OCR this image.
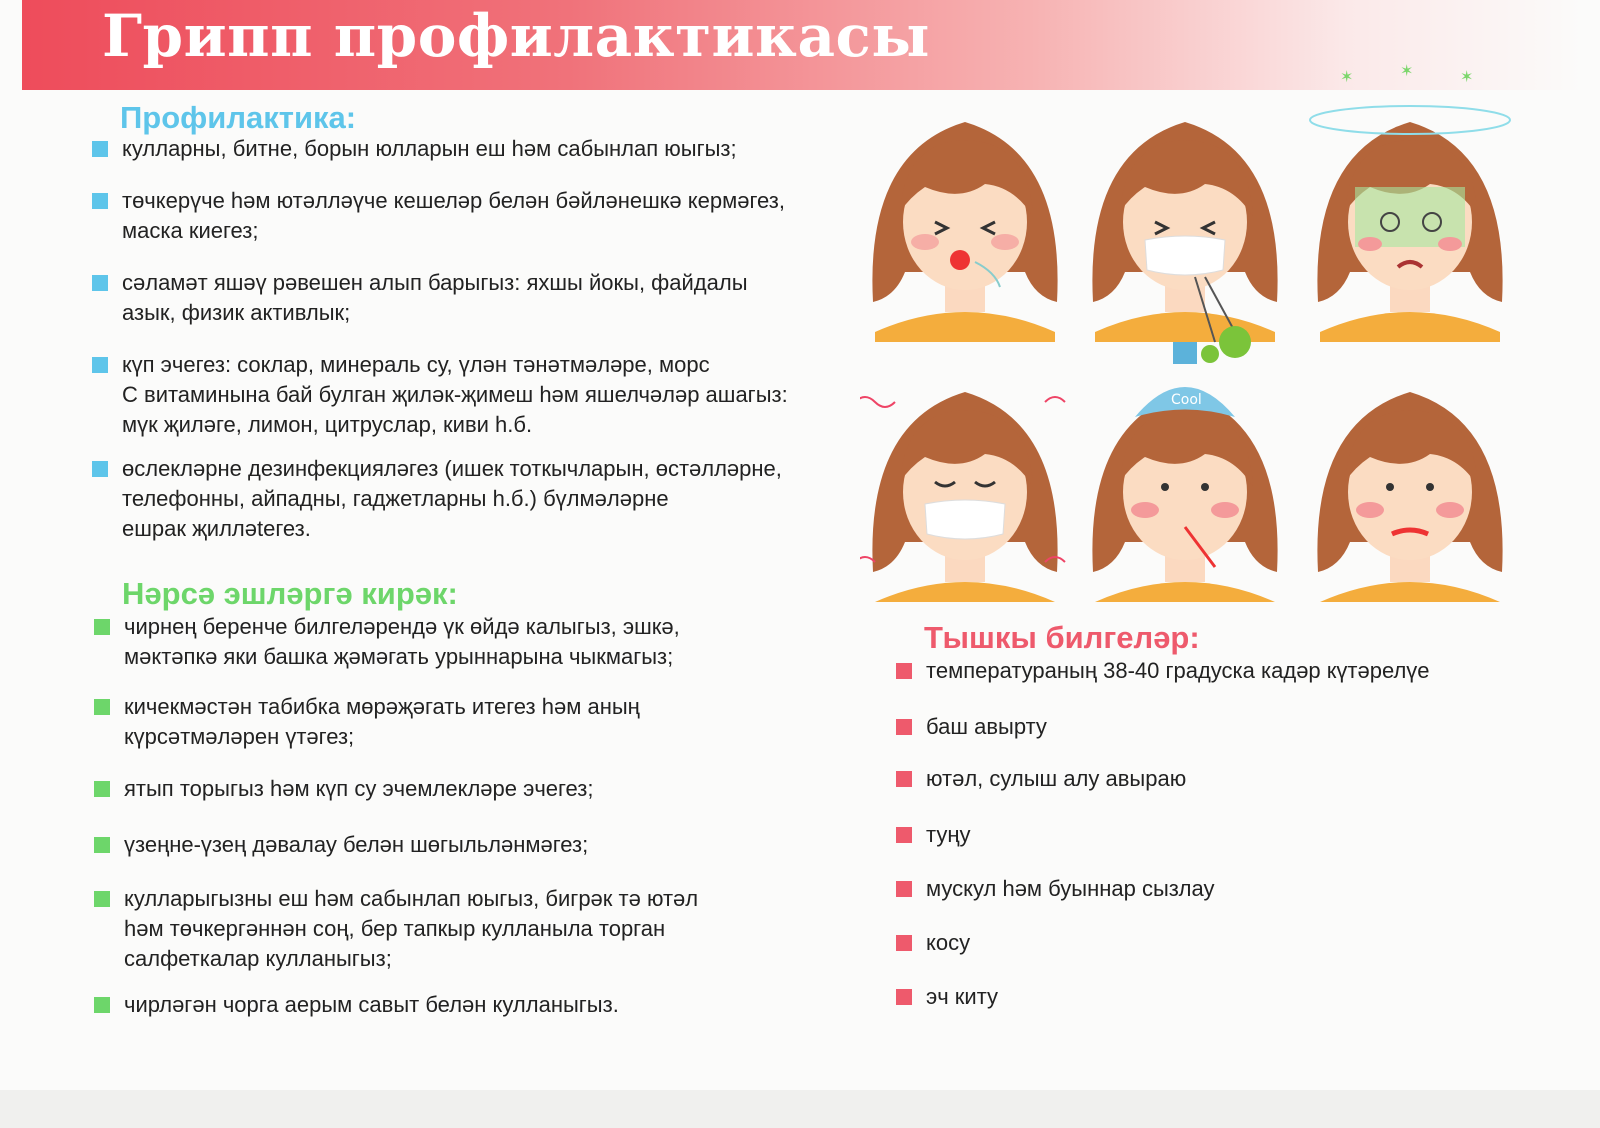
Грипп профилактикасы
Профилактика:
кулларны, битне, борын юлларын еш һәм сабынлап юыгыз;
төчкерүче һәм ютәлләүче кешеләр белән бәйләнешкә кермәгез,
маска киегез;
сәламәт яшәү рәвешен алып барыгыз: яхшы йокы, файдалы
азык, физик активлык;
күп эчегез: соклар, минераль су, үлән тәнәтмәләре, морс
С витаминына бай булган җиләк-җимеш һәм яшелчәләр ашагыз:
мүк җиләге, лимон, цитруслар, киви һ.б.
өслекләрне дезинфекцияләгез (ишек тоткычларын, өстәлләрне,
телефонны, айпадны, гаджетларны һ.б.) бүлмәләрне
ешрак җиллətегез.
Нәрсә эшләргә кирәк:
чирнең беренче билгеләрендә үк өйдә калыгыз, эшкә,
мәктәпкә яки башка җәмәгать урыннарына чыкмагыз;
кичекмәстән табибка мөрәҗәгать итегез һәм аның
күрсәтмәләрен үтәгез;
ятып торыгыз һәм күп су эчемлекләре эчегез;
үзеңне-үзең дәвалау белән шөгыльләнмәгез;
кулларыгызны еш һәм сабынлап юыгыз, бигрәк тә ютәл
һәм төчкергәннән соң, бер тапкыр кулланыла торган
салфеткалар кулланыгыз;
чирләгән чорга аерым савыт белән кулланыгыз.
Тышкы билгеләр:
температураның 38-40 градуска кадәр күтәрелүе
баш авырту
ютәл, сулыш алу авыраю
туңу
мускул һәм буыннар сызлау
косу
эч киту
✶	✶	✶
Cool
